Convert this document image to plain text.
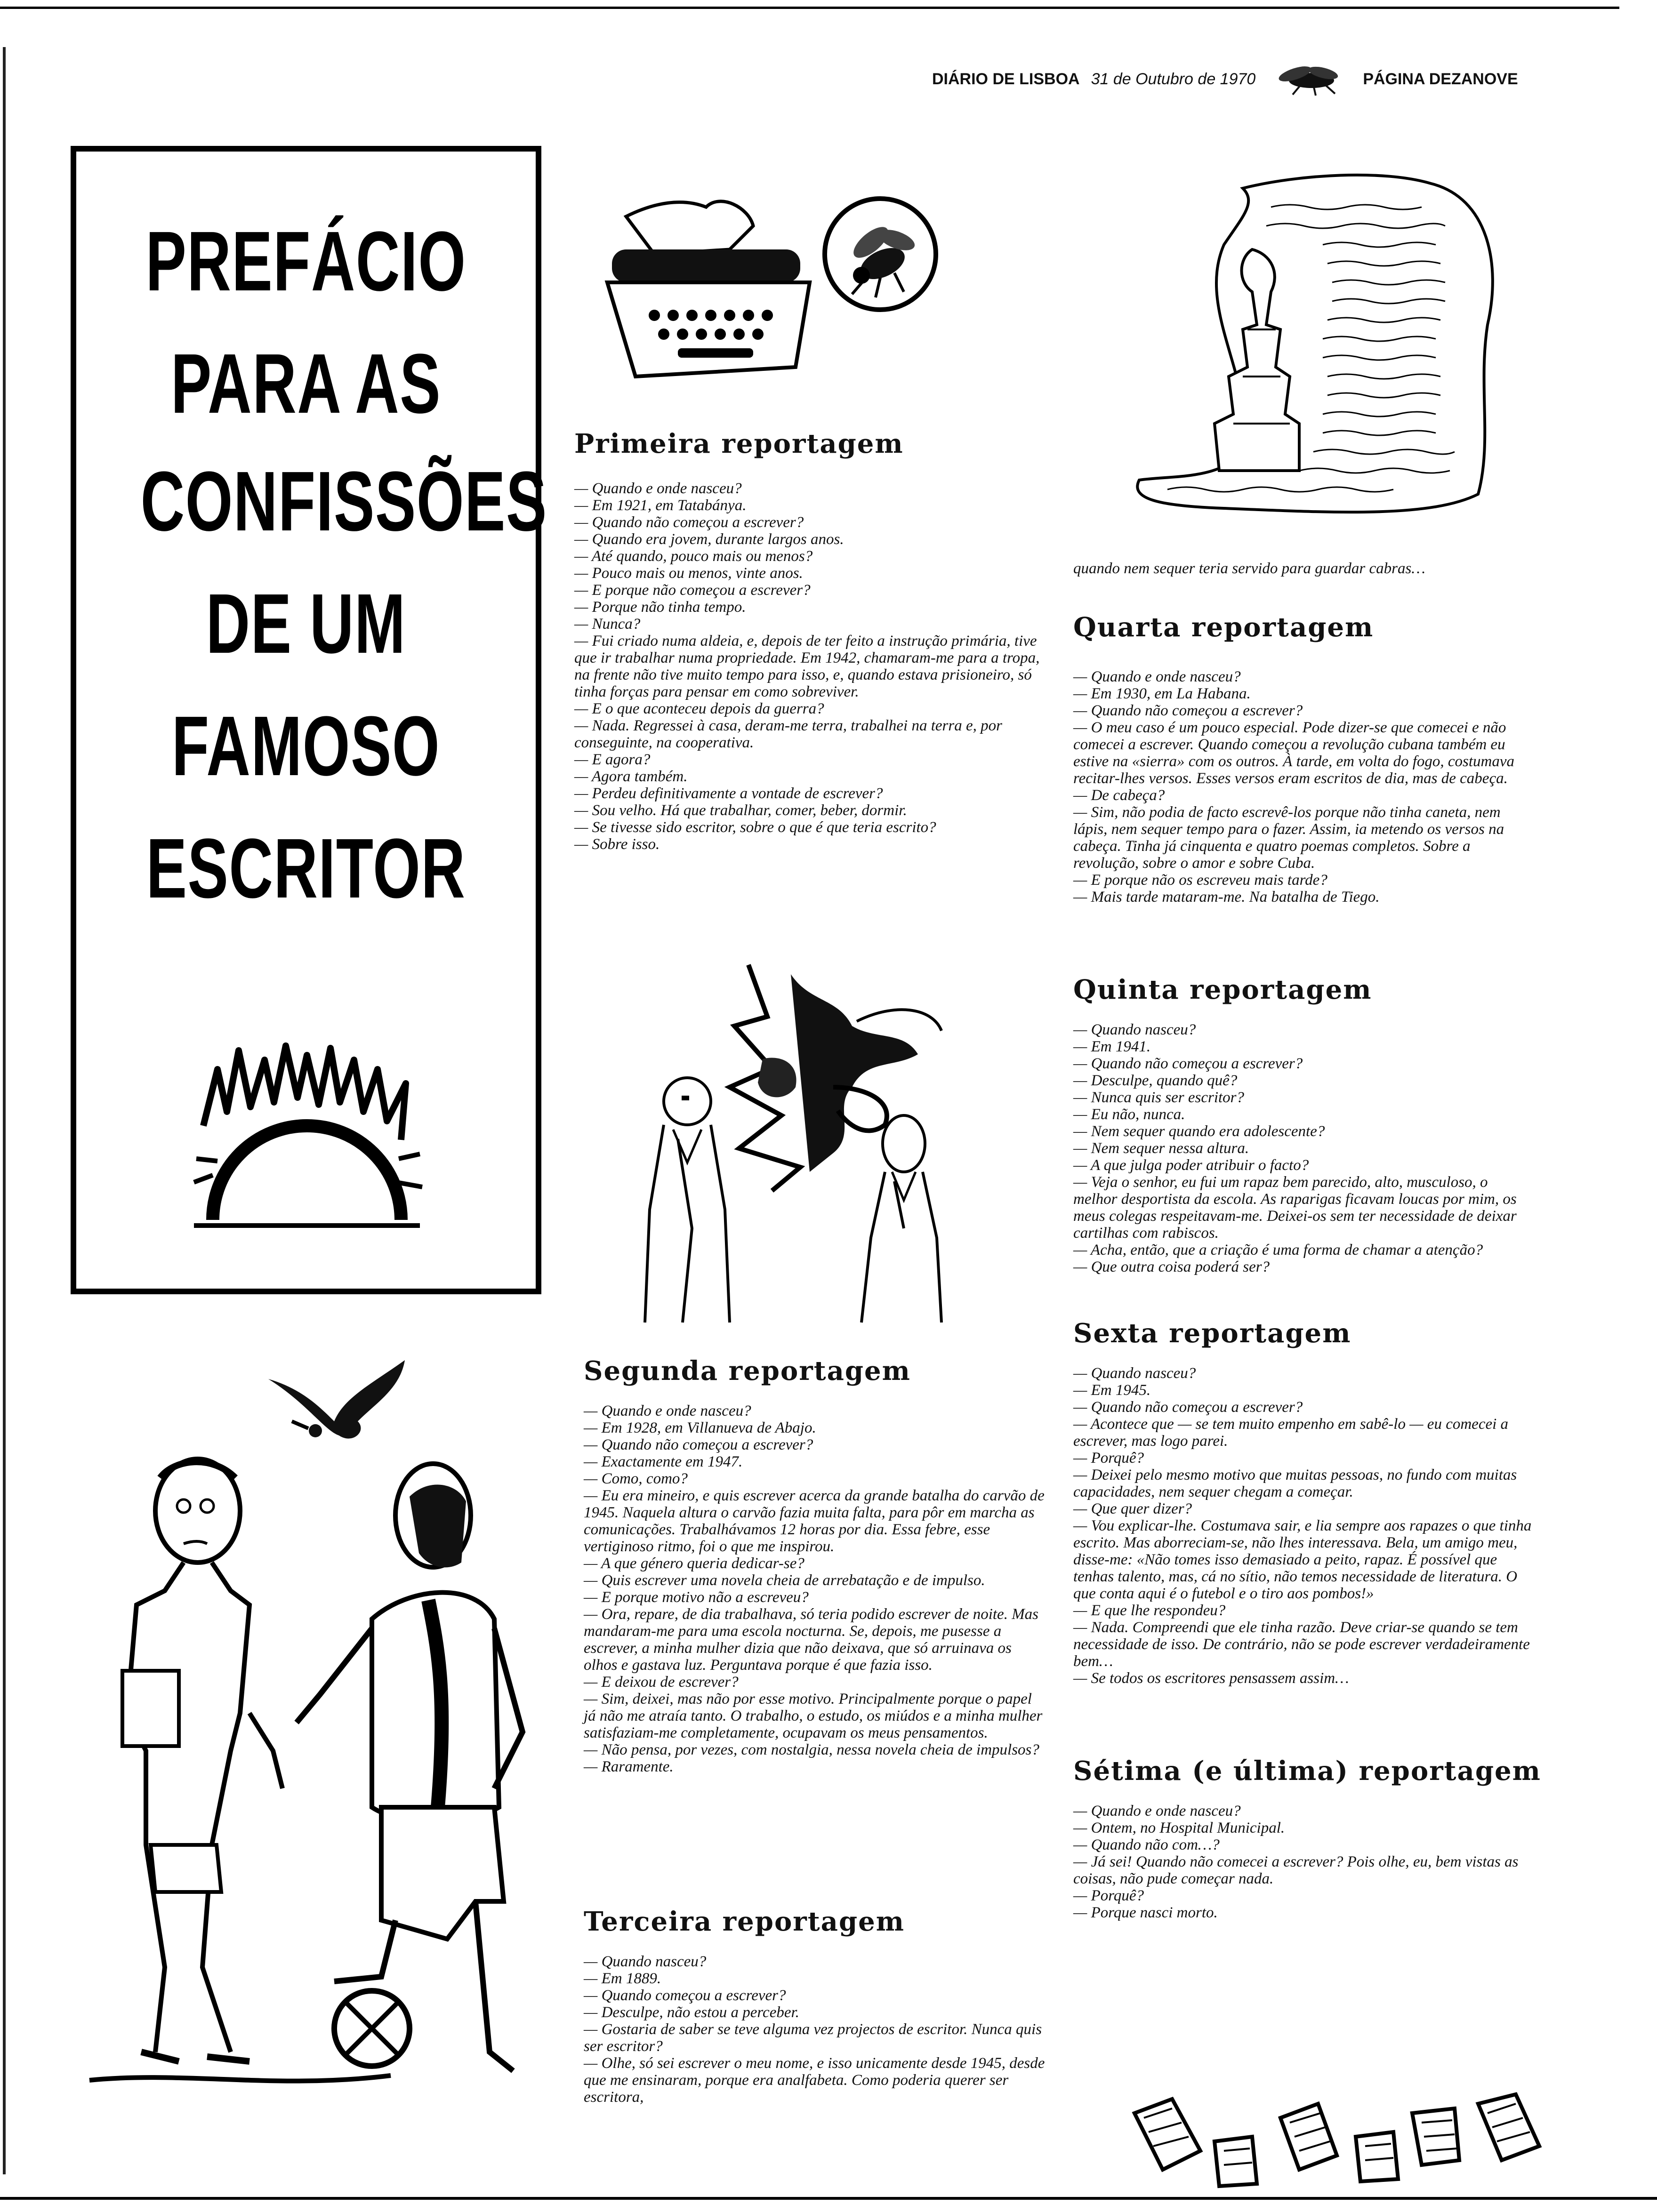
DIÁRIO DE LISBOA 31 de Outubro de 1970	PÁGINA DEZANOVE
PREFÁCIO
PARA AS
CONFISSÕES
DE UM
FAMOSO
ESCRITOR
Primeira reportagem

— Quando e onde nasceu?

— Em 1921, em Tatabánya.

— Quando não começou a escrever?

— Quando era jovem, durante largos anos.

— Até quando, pouco mais ou menos?

— Pouco mais ou menos, vinte anos.

— E porque não começou a escrever?

— Porque não tinha tempo.

— Nunca?

— Fui criado numa aldeia, e, depois de ter feito a instrução primária, tive que ir trabalhar numa propriedade. Em 1942, chamaram-me para a tropa, na frente não tive muito tempo para isso, e, quando estava prisioneiro, só tinha forças para pensar em como sobreviver.

— E o que aconteceu depois da guerra?

— Nada. Regressei à casa, deram-me terra, trabalhei na terra e, por conseguinte, na cooperativa.

— E agora?

— Agora também.

— Perdeu definitivamente a vontade de escrever?

— Sou velho. Há que trabalhar, comer, beber, dormir.

— Se tivesse sido escritor, sobre o que é que teria escrito?

— Sobre isso.

Segunda reportagem

— Quando e onde nasceu?

— Em 1928, em Villanueva de Abajo.

— Quando não começou a escrever?

— Exactamente em 1947.

— Como, como?

— Eu era mineiro, e quis escrever acerca da grande batalha do carvão de 1945. Naquela altura o carvão fazia muita falta, para pôr em marcha as comunicações. Trabalhávamos 12 horas por dia. Essa febre, esse vertiginoso ritmo, foi o que me inspirou.

— A que género queria dedicar-se?

— Quis escrever uma novela cheia de arrebatação e de impulso.

— E porque motivo não a escreveu?

— Ora, repare, de dia trabalhava, só teria podido escrever de noite. Mas mandaram-me para uma escola nocturna. Se, depois, me pusesse a escrever, a minha mulher dizia que não deixava, que só arruinava os olhos e gastava luz. Perguntava porque é que fazia isso.

— E deixou de escrever?

— Sim, deixei, mas não por esse motivo. Principalmente porque o papel já não me atraía tanto. O trabalho, o estudo, os miúdos e a minha mulher satisfaziam-me completamente, ocupavam os meus pensamentos.

— Não pensa, por vezes, com nostalgia, nessa novela cheia de impulsos?

— Raramente.

Terceira reportagem

— Quando nasceu?

— Em 1889.

— Quando começou a escrever?

— Desculpe, não estou a perceber.

— Gostaria de saber se teve alguma vez projectos de escritor. Nunca quis ser escritor?

— Olhe, só sei escrever o meu nome, e isso unicamente desde 1945, desde que me ensinaram, porque era analfabeta. Como poderia querer ser escritora,

quando nem sequer teria servido para guardar cabras…
Quarta reportagem

— Quando e onde nasceu?

— Em 1930, em La Habana.

— Quando não começou a escrever?

— O meu caso é um pouco especial. Pode dizer-se que comecei e não comecei a escrever. Quando começou a revolução cubana também eu estive na «sierra» com os outros. À tarde, em volta do fogo, costumava recitar-lhes versos. Esses versos eram escritos de dia, mas de cabeça.

— De cabeça?

— Sim, não podia de facto escrevê-los porque não tinha caneta, nem lápis, nem sequer tempo para o fazer. Assim, ia metendo os versos na cabeça. Tinha já cinquenta e quatro poemas completos. Sobre a revolução, sobre o amor e sobre Cuba.

— E porque não os escreveu mais tarde?

— Mais tarde mataram-me. Na batalha de Tiego.

Quinta reportagem

— Quando nasceu?

— Em 1941.

— Quando não começou a escrever?

— Desculpe, quando quê?

— Nunca quis ser escritor?

— Eu não, nunca.

— Nem sequer quando era adolescente?

— Nem sequer nessa altura.

— A que julga poder atribuir o facto?

— Veja o senhor, eu fui um rapaz bem parecido, alto, musculoso, o melhor desportista da escola. As raparigas ficavam loucas por mim, os meus colegas respeitavam-me. Deixei-os sem ter necessidade de deixar cartilhas com rabiscos.

— Acha, então, que a criação é uma forma de chamar a atenção?

— Que outra coisa poderá ser?

Sexta reportagem

— Quando nasceu?

— Em 1945.

— Quando não começou a escrever?

— Acontece que — se tem muito empenho em sabê-lo — eu comecei a escrever, mas logo parei.

— Porquê?

— Deixei pelo mesmo motivo que muitas pessoas, no fundo com muitas capacidades, nem sequer chegam a começar.

— Que quer dizer?

— Vou explicar-lhe. Costumava sair, e lia sempre aos rapazes o que tinha escrito. Mas aborreciam-se, não lhes interessava. Bela, um amigo meu, disse-me: «Não tomes isso demasiado a peito, rapaz. É possível que tenhas talento, mas, cá no sítio, não temos necessidade de literatura. O que conta aqui é o futebol e o tiro aos pombos!»

— E que lhe respondeu?

— Nada. Compreendi que ele tinha razão. Deve criar-se quando se tem necessidade de isso. De contrário, não se pode escrever verdadeiramente bem…

— Se todos os escritores pensassem assim…

Sétima (e última) reportagem

— Quando e onde nasceu?

— Ontem, no Hospital Municipal.

— Quando não com…?

— Já sei! Quando não comecei a escrever? Pois olhe, eu, bem vistas as coisas, não pude começar nada.

— Porquê?

— Porque nasci morto.
